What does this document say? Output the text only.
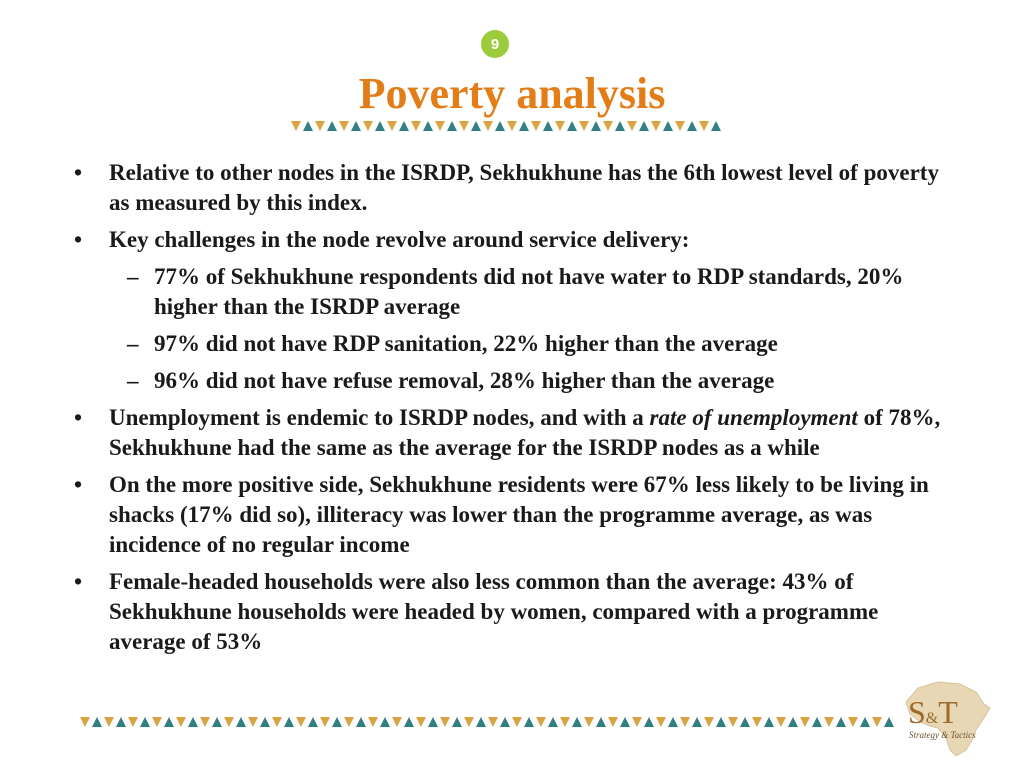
9
Poverty analysis
• Relative to other nodes in the ISRDP, Sekhukhune has the 6th lowest level of poverty as measured by this index.
• Key challenges in the node revolve around service delivery:
– 77% of Sekhukhune respondents did not have water to RDP standards, 20% higher than the ISRDP average
– 97% did not have RDP sanitation, 22% higher than the average
– 96% did not have refuse removal, 28% higher than the average
• Unemployment is endemic to ISRDP nodes, and with a rate of unemployment of 78%, Sekhukhune had the same as the average for the ISRDP nodes as a while
• On the more positive side, Sekhukhune residents were 67% less likely to be living in shacks (17% did so), illiteracy was lower than the programme average, as was incidence of no regular income
• Female-headed households were also less common than the average: 43% of Sekhukhune households were headed by women, compared with a programme average of 53%
S&T
Strategy & Tactics
